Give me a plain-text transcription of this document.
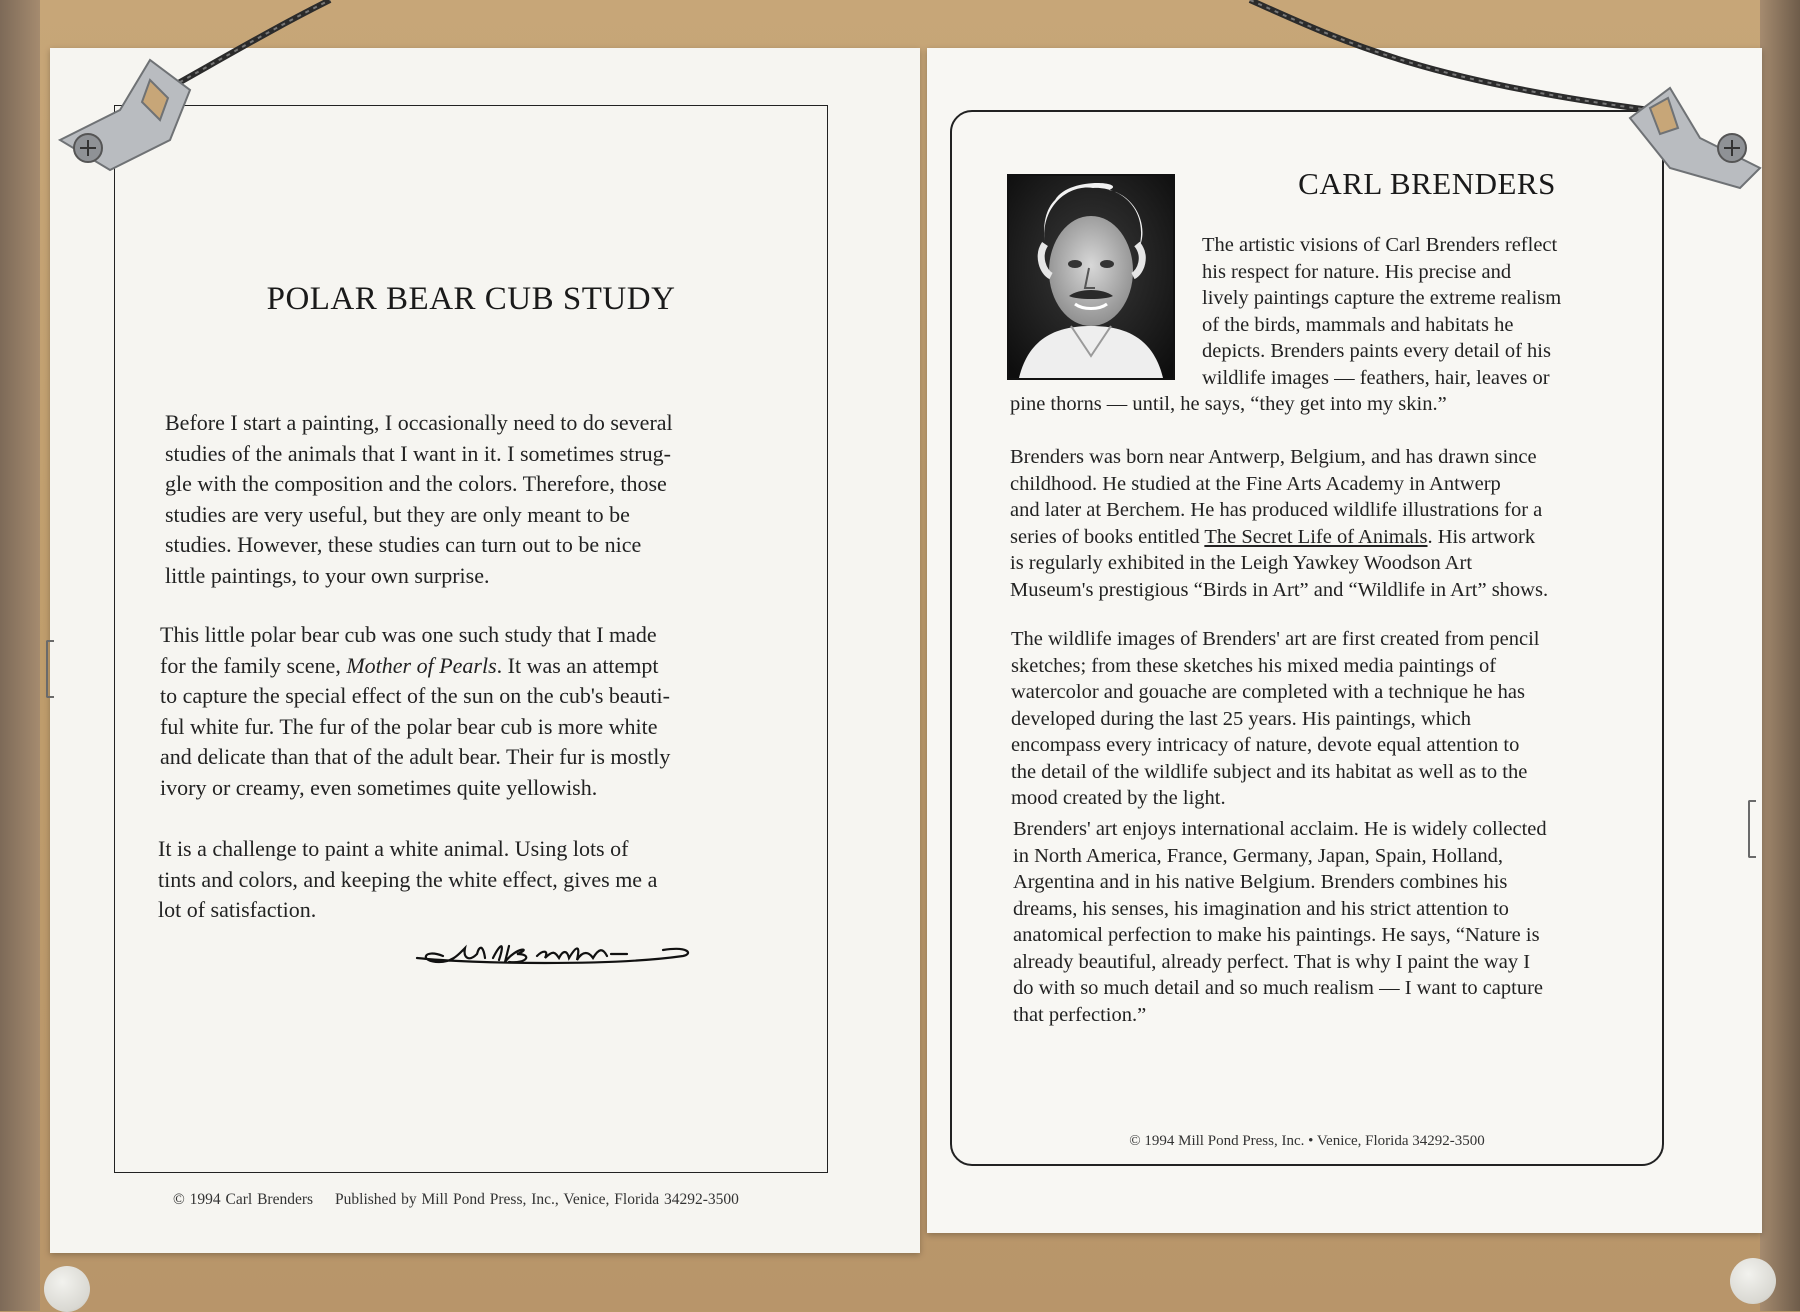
POLAR BEAR CUB STUDY
Before I start a painting, I occasionally need to do several
studies of the animals that I want in it. I sometimes strug-
gle with the composition and the colors. Therefore, those
studies are very useful, but they are only meant to be
studies. However, these studies can turn out to be nice
little paintings, to your own surprise.
This little polar bear cub was one such study that I made
for the family scene, Mother of Pearls. It was an attempt
to capture the special effect of the sun on the cub's beauti-
ful white fur. The fur of the polar bear cub is more white
and delicate than that of the adult bear. Their fur is mostly
ivory or creamy, even sometimes quite yellowish.
It is a challenge to paint a white animal. Using lots of
tints and colors, and keeping the white effect, gives me a
lot of satisfaction.
© 1994 Carl Brenders Published by Mill Pond Press, Inc., Venice, Florida 34292-3500
CARL BRENDERS
The artistic visions of Carl Brenders reflect
his respect for nature. His precise and
lively paintings capture the extreme realism
of the birds, mammals and habitats he
depicts. Brenders paints every detail of his
wildlife images — feathers, hair, leaves or
pine thorns — until, he says, “they get into my skin.”
Brenders was born near Antwerp, Belgium, and has drawn since
childhood. He studied at the Fine Arts Academy in Antwerp
and later at Berchem. He has produced wildlife illustrations for a
series of books entitled The Secret Life of Animals. His artwork
is regularly exhibited in the Leigh Yawkey Woodson Art
Museum's prestigious “Birds in Art” and “Wildlife in Art” shows.
The wildlife images of Brenders' art are first created from pencil
sketches; from these sketches his mixed media paintings of
watercolor and gouache are completed with a technique he has
developed during the last 25 years. His paintings, which
encompass every intricacy of nature, devote equal attention to
the detail of the wildlife subject and its habitat as well as to the
mood created by the light.
Brenders' art enjoys international acclaim. He is widely collected
in North America, France, Germany, Japan, Spain, Holland,
Argentina and in his native Belgium. Brenders combines his
dreams, his senses, his imagination and his strict attention to
anatomical perfection to make his paintings. He says, “Nature is
already beautiful, already perfect. That is why I paint the way I
do with so much detail and so much realism — I want to capture
that perfection.”
© 1994 Mill Pond Press, Inc. • Venice, Florida 34292-3500
